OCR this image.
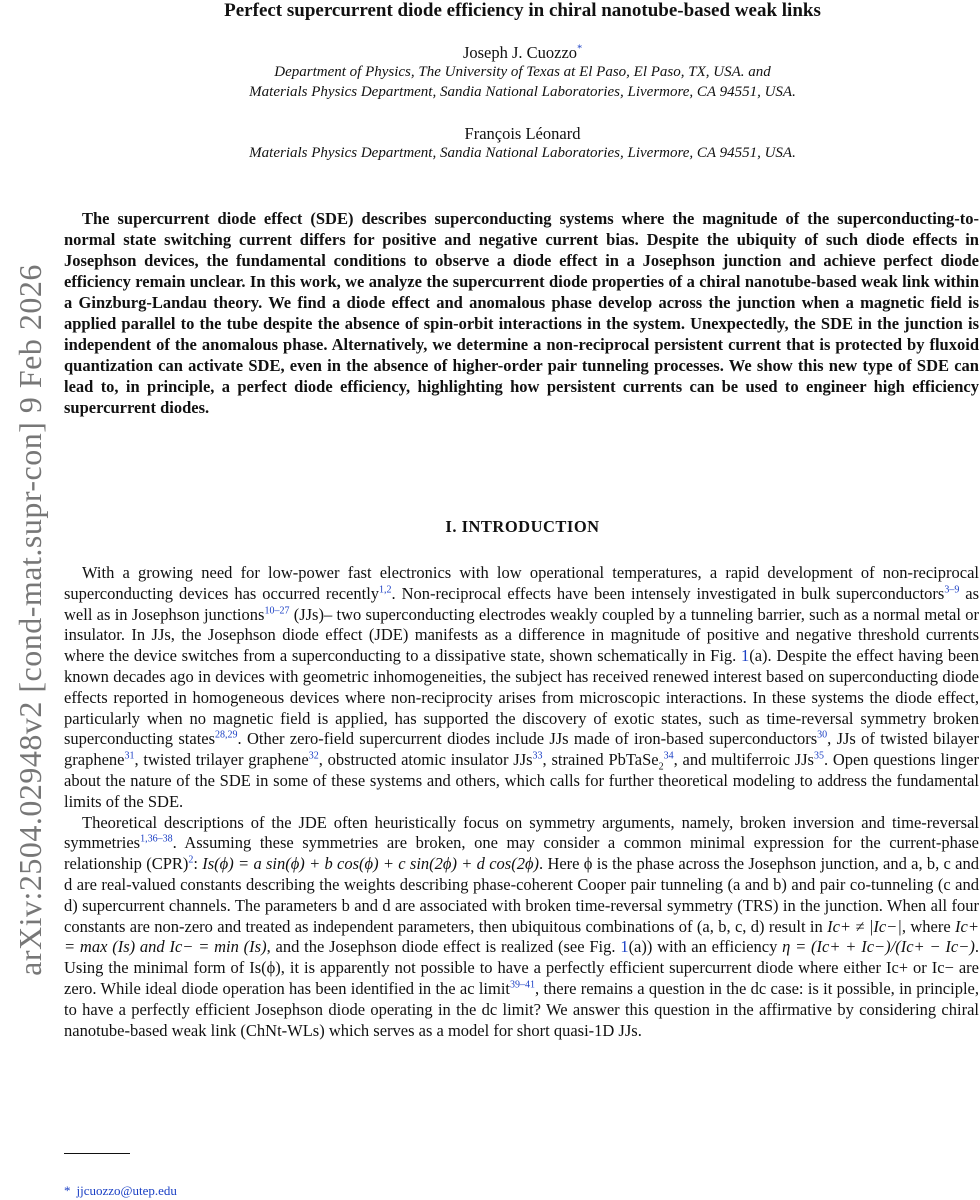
arXiv:2504.02948v2 [cond-mat.supr-con] 9 Feb 2026
Perfect supercurrent diode efficiency in chiral nanotube-based weak links
Joseph J. Cuozzo*
Department of Physics, The University of Texas at El Paso, El Paso, TX, USA. and
Materials Physics Department, Sandia National Laboratories, Livermore, CA 94551, USA.
François Léonard
Materials Physics Department, Sandia National Laboratories, Livermore, CA 94551, USA.
The supercurrent diode effect (SDE) describes superconducting systems where the magnitude of the superconducting-to-normal state switching current differs for positive and negative current bias. Despite the ubiquity of such diode effects in Josephson devices, the fundamental conditions to observe a diode effect in a Josephson junction and achieve perfect diode efficiency remain unclear. In this work, we analyze the supercurrent diode properties of a chiral nanotube-based weak link within a Ginzburg-Landau theory. We find a diode effect and anomalous phase develop across the junction when a magnetic field is applied parallel to the tube despite the absence of spin-orbit interactions in the system. Unexpectedly, the SDE in the junction is independent of the anomalous phase. Alternatively, we determine a non-reciprocal persistent current that is protected by fluxoid quantization can activate SDE, even in the absence of higher-order pair tunneling processes. We show this new type of SDE can lead to, in principle, a perfect diode efficiency, highlighting how persistent currents can be used to engineer high efficiency supercurrent diodes.
I. INTRODUCTION

With a growing need for low-power fast electronics with low operational temperatures, a rapid development of non-reciprocal superconducting devices has occurred recently$^{1,2}$. Non-reciprocal effects have been intensely investigated in bulk superconductors$^{3-9}$ as well as in Josephson junctions$^{10-27}$ (JJs)– two superconducting electrodes weakly coupled by a tunneling barrier, such as a normal metal or insulator. In JJs, the Josephson diode effect (JDE) manifests as a difference in magnitude of positive and negative threshold currents where the device switches from a superconducting to a dissipative state, shown schematically in Fig. 1(a). Despite the effect having been known decades ago in devices with geometric inhomogeneities, the subject has received renewed interest based on superconducting diode effects reported in homogeneous devices where non-reciprocity arises from microscopic interactions. In these systems the diode effect, particularly when no magnetic field is applied, has supported the discovery of exotic states, such as time-reversal symmetry broken superconducting states$^{28,29}$. Other zero-field supercurrent diodes include JJs made of iron-based superconductors$^{30}$, JJs of twisted bilayer graphene$^{31}$, twisted trilayer graphene$^{32}$, obstructed atomic insulator JJs$^{33}$, strained PbTaSe$_2^{34}$, and multiferroic JJs$^{35}$. Open questions linger about the nature of the SDE in some of these systems and others, which calls for further theoretical modeling to address the fundamental limits of the SDE.

Theoretical descriptions of the JDE often heuristically focus on symmetry arguments, namely, broken inversion and time-reversal symmetries$^{1,36-38}$. Assuming these symmetries are broken, one may consider a common minimal expression for the current-phase relationship (CPR)$^2$: Is(ϕ) = a sin(ϕ) + b cos(ϕ) + c sin(2ϕ) + d cos(2ϕ). Here ϕ is the phase across the Josephson junction, and a, b, c and d are real-valued constants describing the weights describing phase-coherent Cooper pair tunneling (a and b) and pair co-tunneling (c and d) supercurrent channels. The parameters b and d are associated with broken time-reversal symmetry (TRS) in the junction. When all four constants are non-zero and treated as independent parameters, then ubiquitous combinations of (a, b, c, d) result in Ic+ ≠ |Ic−|, where Ic+ = max (Is) and Ic− = min (Is), and the Josephson diode effect is realized (see Fig. 1(a)) with an efficiency η = (Ic+ + Ic−)/(Ic+ − Ic−). Using the minimal form of Is(ϕ), it is apparently not possible to have a perfectly efficient supercurrent diode where either Ic+ or Ic− are zero. While ideal diode operation has been identified in the ac limit$^{39-41}$, there remains a question in the dc case: is it possible, in principle, to have a perfectly efficient Josephson diode operating in the dc limit? We answer this question in the affirmative by considering chiral nanotube-based weak link (ChNt-WLs) which serves as a model for short quasi-1D JJs.

* jjcuozzo@utep.edu
